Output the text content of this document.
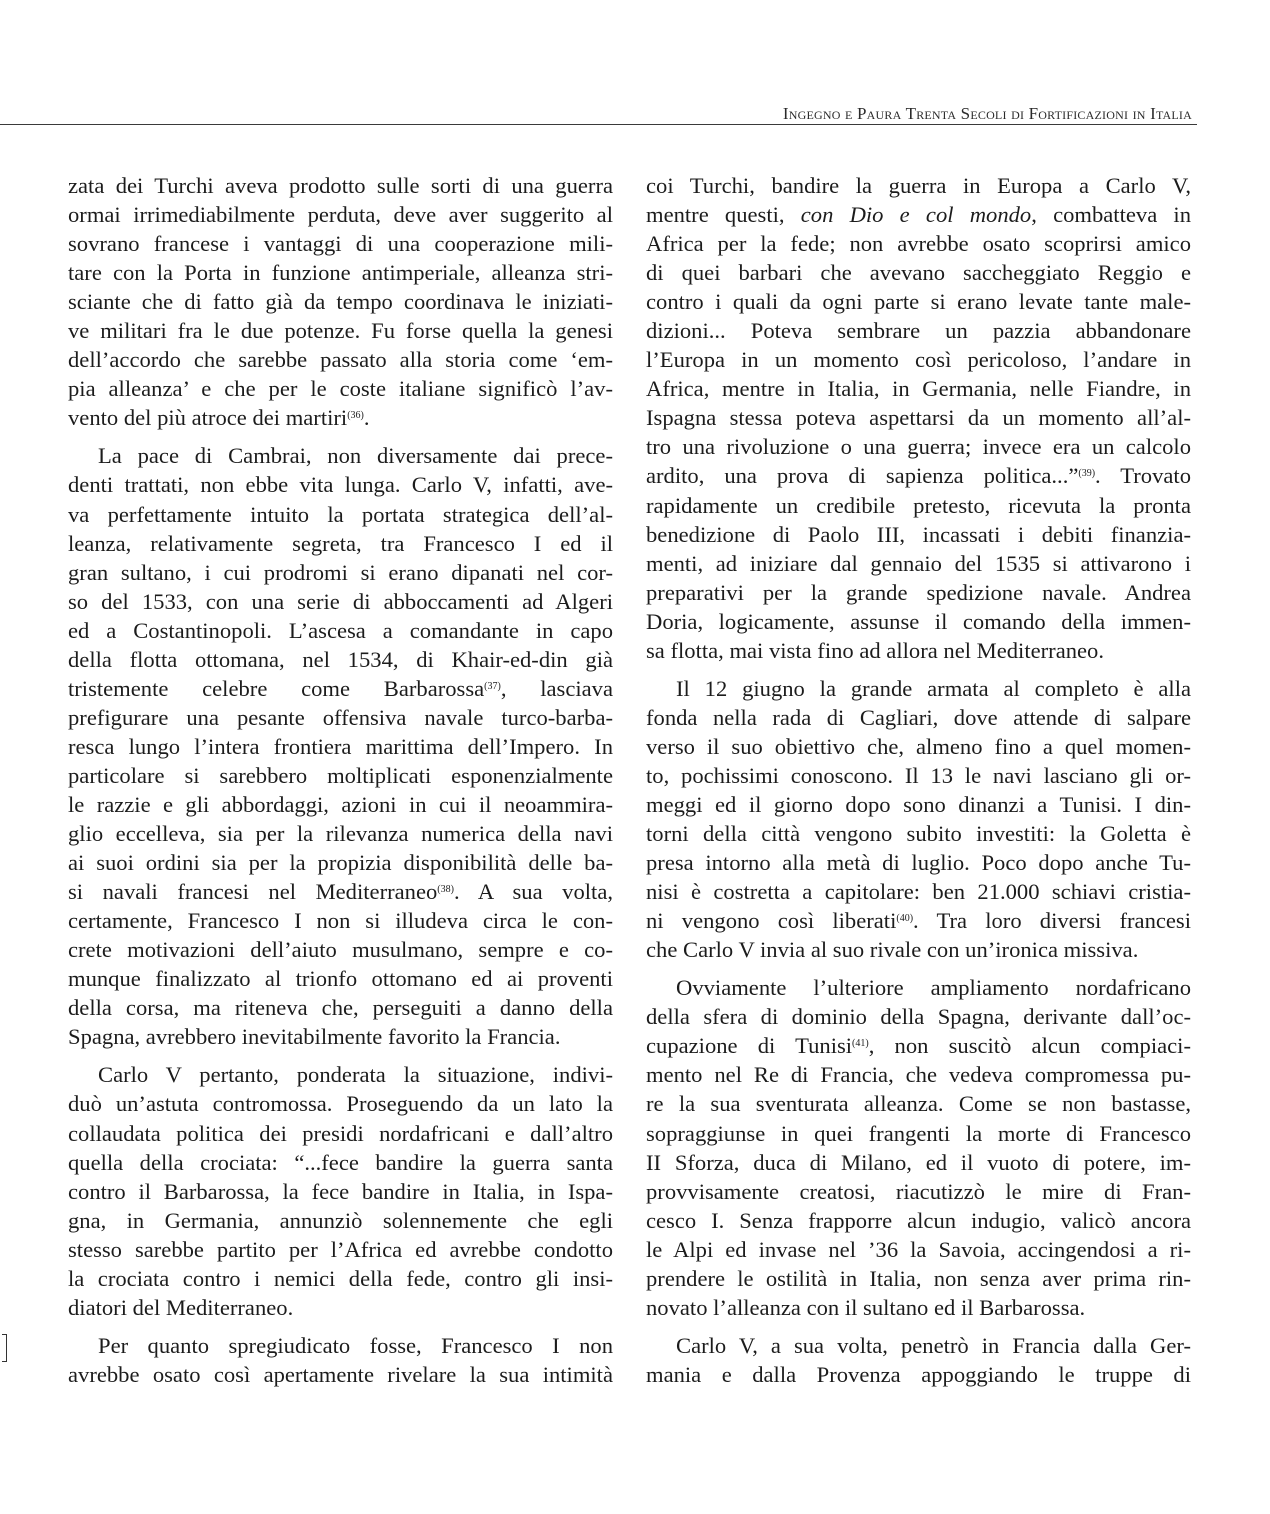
Ingegno e Paura Trenta Secoli di Fortificazioni in Italia
zata dei Turchi aveva prodotto sulle sorti di una guerra
ormai irrimediabilmente perduta, deve aver suggerito al
sovrano francese i vantaggi di una cooperazione mili-
tare con la Porta in funzione antimperiale, alleanza stri-
sciante che di fatto già da tempo coordinava le iniziati-
ve militari fra le due potenze. Fu forse quella la genesi
dell’accordo che sarebbe passato alla storia come ‘em-
pia alleanza’ e che per le coste italiane significò l’av-
vento del più atroce dei martiri$^{(36)}$.
La pace di Cambrai, non diversamente dai prece-
denti trattati, non ebbe vita lunga. Carlo V, infatti, ave-
va perfettamente intuito la portata strategica dell’al-
leanza, relativamente segreta, tra Francesco I ed il
gran sultano, i cui prodromi si erano dipanati nel cor-
so del 1533, con una serie di abboccamenti ad Algeri
ed a Costantinopoli. L’ascesa a comandante in capo
della flotta ottomana, nel 1534, di Khair-ed-din già
tristemente celebre come Barbarossa$^{(37)}$, lasciava
prefigurare una pesante offensiva navale turco-barba-
resca lungo l’intera frontiera marittima dell’Impero. In
particolare si sarebbero moltiplicati esponenzialmente
le razzie e gli abbordaggi, azioni in cui il neoammira-
glio eccelleva, sia per la rilevanza numerica della navi
ai suoi ordini sia per la propizia disponibilità delle ba-
si navali francesi nel Mediterraneo$^{(38)}$. A sua volta,
certamente, Francesco I non si illudeva circa le con-
crete motivazioni dell’aiuto musulmano, sempre e co-
munque finalizzato al trionfo ottomano ed ai proventi
della corsa, ma riteneva che, perseguiti a danno della
Spagna, avrebbero inevitabilmente favorito la Francia.
Carlo V pertanto, ponderata la situazione, indivi-
duò un’astuta contromossa. Proseguendo da un lato la
collaudata politica dei presidi nordafricani e dall’altro
quella della crociata: “...fece bandire la guerra santa
contro il Barbarossa, la fece bandire in Italia, in Ispa-
gna, in Germania, annunziò solennemente che egli
stesso sarebbe partito per l’Africa ed avrebbe condotto
la crociata contro i nemici della fede, contro gli insi-
diatori del Mediterraneo.
Per quanto spregiudicato fosse, Francesco I non
avrebbe osato così apertamente rivelare la sua intimità
coi Turchi, bandire la guerra in Europa a Carlo V,
mentre questi, con Dio e col mondo, combatteva in
Africa per la fede; non avrebbe osato scoprirsi amico
di quei barbari che avevano saccheggiato Reggio e
contro i quali da ogni parte si erano levate tante male-
dizioni... Poteva sembrare un pazzia abbandonare
l’Europa in un momento così pericoloso, l’andare in
Africa, mentre in Italia, in Germania, nelle Fiandre, in
Ispagna stessa poteva aspettarsi da un momento all’al-
tro una rivoluzione o una guerra; invece era un calcolo
ardito, una prova di sapienza politica...”$^{(39)}$. Trovato
rapidamente un credibile pretesto, ricevuta la pronta
benedizione di Paolo III, incassati i debiti finanzia-
menti, ad iniziare dal gennaio del 1535 si attivarono i
preparativi per la grande spedizione navale. Andrea
Doria, logicamente, assunse il comando della immen-
sa flotta, mai vista fino ad allora nel Mediterraneo.
Il 12 giugno la grande armata al completo è alla
fonda nella rada di Cagliari, dove attende di salpare
verso il suo obiettivo che, almeno fino a quel momen-
to, pochissimi conoscono. Il 13 le navi lasciano gli or-
meggi ed il giorno dopo sono dinanzi a Tunisi. I din-
torni della città vengono subito investiti: la Goletta è
presa intorno alla metà di luglio. Poco dopo anche Tu-
nisi è costretta a capitolare: ben 21.000 schiavi cristia-
ni vengono così liberati$^{(40)}$. Tra loro diversi francesi
che Carlo V invia al suo rivale con un’ironica missiva.
Ovviamente l’ulteriore ampliamento nordafricano
della sfera di dominio della Spagna, derivante dall’oc-
cupazione di Tunisi$^{(41)}$, non suscitò alcun compiaci-
mento nel Re di Francia, che vedeva compromessa pu-
re la sua sventurata alleanza. Come se non bastasse,
sopraggiunse in quei frangenti la morte di Francesco
II Sforza, duca di Milano, ed il vuoto di potere, im-
provvisamente creatosi, riacutizzò le mire di Fran-
cesco I. Senza frapporre alcun indugio, valicò ancora
le Alpi ed invase nel ’36 la Savoia, accingendosi a ri-
prendere le ostilità in Italia, non senza aver prima rin-
novato l’alleanza con il sultano ed il Barbarossa.
Carlo V, a sua volta, penetrò in Francia dalla Ger-
mania e dalla Provenza appoggiando le truppe di
